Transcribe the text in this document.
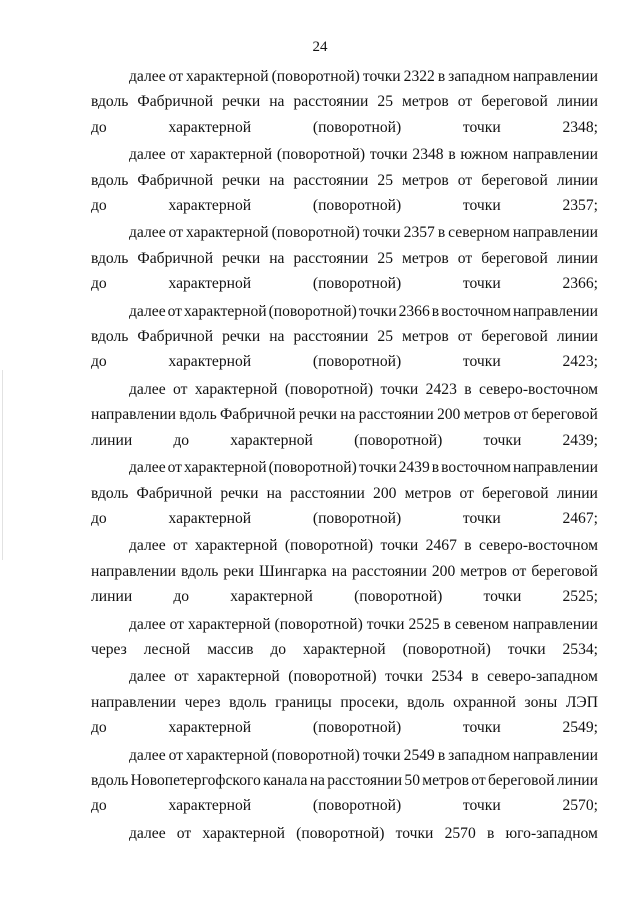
24
далее от характерной (поворотной) точки 2322 в западном направлении
вдоль Фабричной речки на расстоянии 25 метров от береговой линии
до характерной (поворотной) точки 2348;
далее от характерной (поворотной) точки 2348 в южном направлении
вдоль Фабричной речки на расстоянии 25 метров от береговой линии
до характерной (поворотной) точки 2357;
далее от характерной (поворотной) точки 2357 в северном направлении
вдоль Фабричной речки на расстоянии 25 метров от береговой линии
до характерной (поворотной) точки 2366;
далее от характерной (поворотной) точки 2366 в восточном направлении
вдоль Фабричной речки на расстоянии 25 метров от береговой линии
до характерной (поворотной) точки 2423;
далее от характерной (поворотной) точки 2423 в северо-восточном
направлении вдоль Фабричной речки на расстоянии 200 метров от береговой
линии до характерной (поворотной) точки 2439;
далее от характерной (поворотной) точки 2439 в восточном направлении
вдоль Фабричной речки на расстоянии 200 метров от береговой линии
до характерной (поворотной) точки 2467;
далее от характерной (поворотной) точки 2467 в северо-восточном
направлении вдоль реки Шингарка на расстоянии 200 метров от береговой
линии до характерной (поворотной) точки 2525;
далее от характерной (поворотной) точки 2525 в севеном направлении
через лесной массив до характерной (поворотной) точки 2534;
далее от характерной (поворотной) точки 2534 в северо-западном
направлении через вдоль границы просеки, вдоль охранной зоны ЛЭП
до характерной (поворотной) точки 2549;
далее от характерной (поворотной) точки 2549 в западном направлении
вдоль Новопетергофского канала на расстоянии 50 метров от береговой линии
до характерной (поворотной) точки 2570;
далее от характерной (поворотной) точки 2570 в юго-западном
